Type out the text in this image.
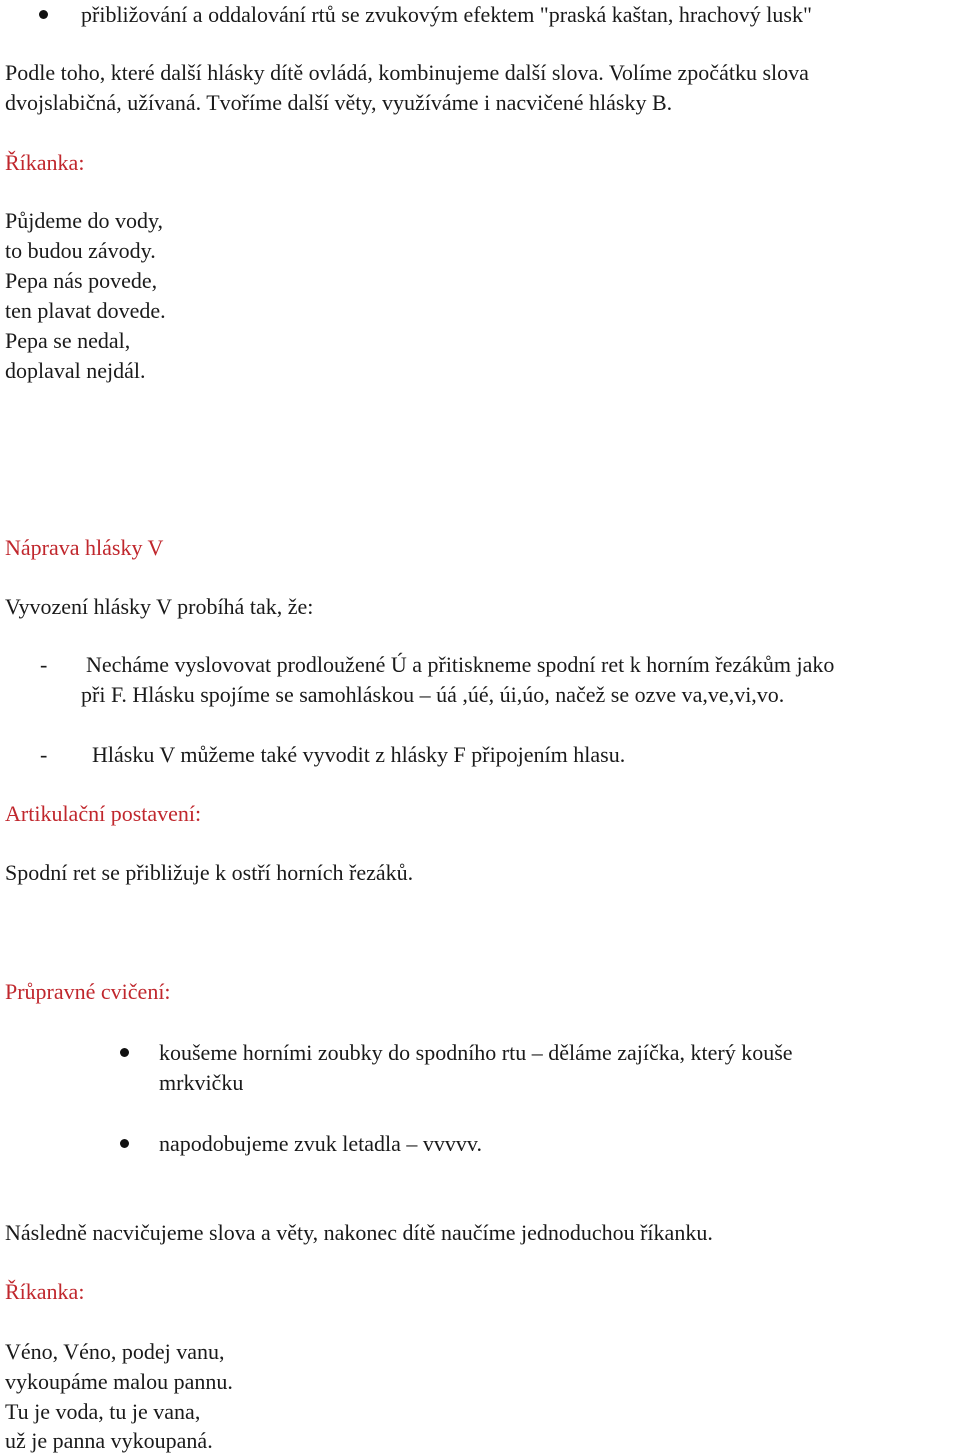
přibližování a oddalování rtů se zvukovým efektem "praská kaštan, hrachový lusk"
Podle toho, které další hlásky dítě ovládá, kombinujeme další slova. Volíme zpočátku slova
dvojslabičná, užívaná. Tvoříme další věty, využíváme i nacvičené hlásky B.
Říkanka:
Půjdeme do vody,
to budou závody.
Pepa nás povede,
ten plavat dovede.
Pepa se nedal,
doplaval nejdál.
Náprava hlásky V
Vyvození hlásky V probíhá tak, že:
- Necháme vyslovovat prodloužené Ú a přitiskneme spodní ret k horním řezákům jako
při F. Hlásku spojíme se samohláskou – úá ,úé, úi,úo, načež se ozve va,ve,vi,vo.
- Hlásku V můžeme také vyvodit z hlásky F připojením hlasu.
Artikulační postavení:
Spodní ret se přibližuje k ostří horních řezáků.
Průpravné cvičení:
koušeme horními zoubky do spodního rtu – děláme zajíčka, který kouše
mrkvičku
napodobujeme zvuk letadla – vvvvv.
Následně nacvičujeme slova a věty, nakonec dítě naučíme jednoduchou říkanku.
Říkanka:
Véno, Véno, podej vanu,
vykoupáme malou pannu.
Tu je voda, tu je vana,
už je panna vykoupaná.
